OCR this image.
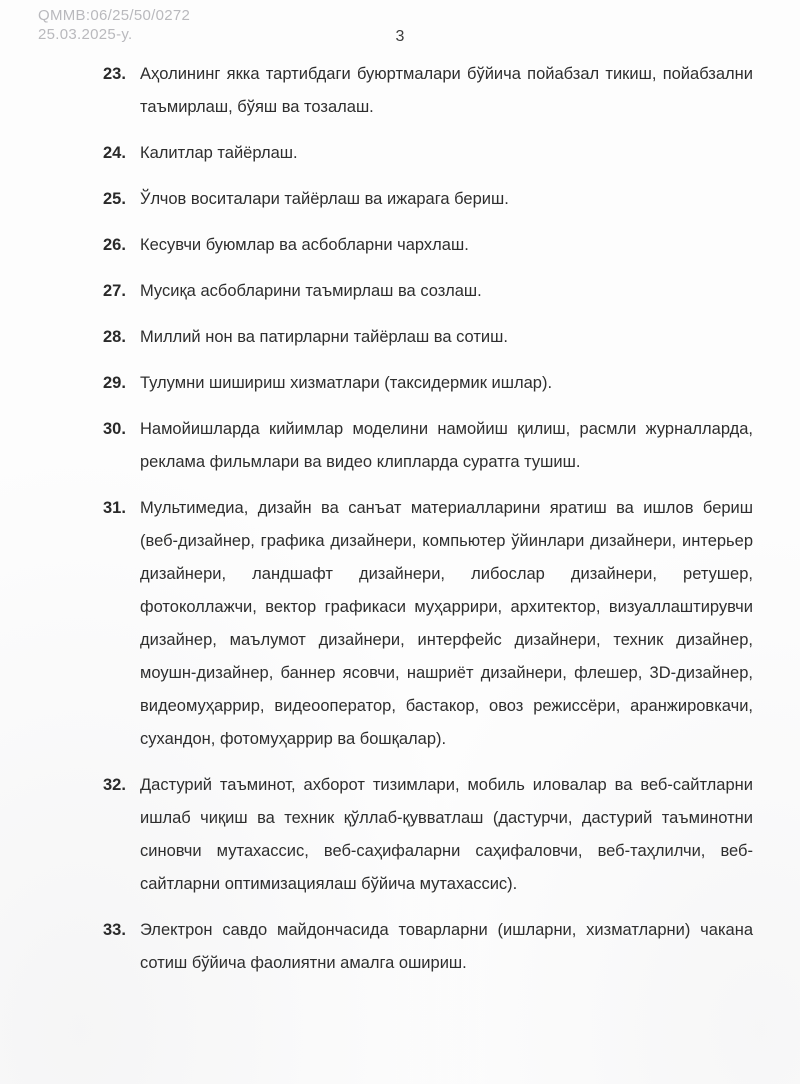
QMMB:06/25/50/0272
25.03.2025-y.	3
23. Аҳолининг якка тартибдаги буюртмалари бўйича пойабзал тикиш, пойабзални таъмирлаш, бўяш ва тозалаш.
24. Калитлар тайёрлаш.
25. Ўлчов воситалари тайёрлаш ва ижарага бериш.
26. Кесувчи буюмлар ва асбобларни чархлаш.
27. Мусиқа асбобларини таъмирлаш ва созлаш.
28. Миллий нон ва патирларни тайёрлаш ва сотиш.
29. Тулумни шишириш хизматлари (таксидермик ишлар).
30. Намойишларда кийимлар моделини намойиш қилиш, расмли журналларда, реклама фильмлари ва видео клипларда суратга тушиш.
31. Мультимедиа, дизайн ва санъат материалларини яратиш ва ишлов бериш (веб-дизайнер, графика дизайнери, компьютер ўйинлари дизайнери, интерьер дизайнери, ландшафт дизайнери, либослар дизайнери, ретушер, фотоколлажчи, вектор графикаси муҳаррири, архитектор, визуаллаштирувчи дизайнер, маълумот дизайнери, интерфейс дизайнери, техник дизайнер, моушн-дизайнер, баннер ясовчи, нашриёт дизайнери, флешер, 3D-дизайнер, видеомуҳаррир, видеооператор, бастакор, овоз режиссёри, аранжировкачи, сухандон, фотомуҳаррир ва бошқалар).
32. Дастурий таъминот, ахборот тизимлари, мобиль иловалар ва веб-сайтларни ишлаб чиқиш ва техник қўллаб-қувватлаш (дастурчи, дастурий таъминотни синовчи мутахассис, веб-саҳифаларни саҳифаловчи, веб-таҳлилчи, веб-сайтларни оптимизациялаш бўйича мутахассис).
33. Электрон савдо майдончасида товарларни (ишларни, хизматларни) чакана сотиш бўйича фаолиятни амалга ошириш.
